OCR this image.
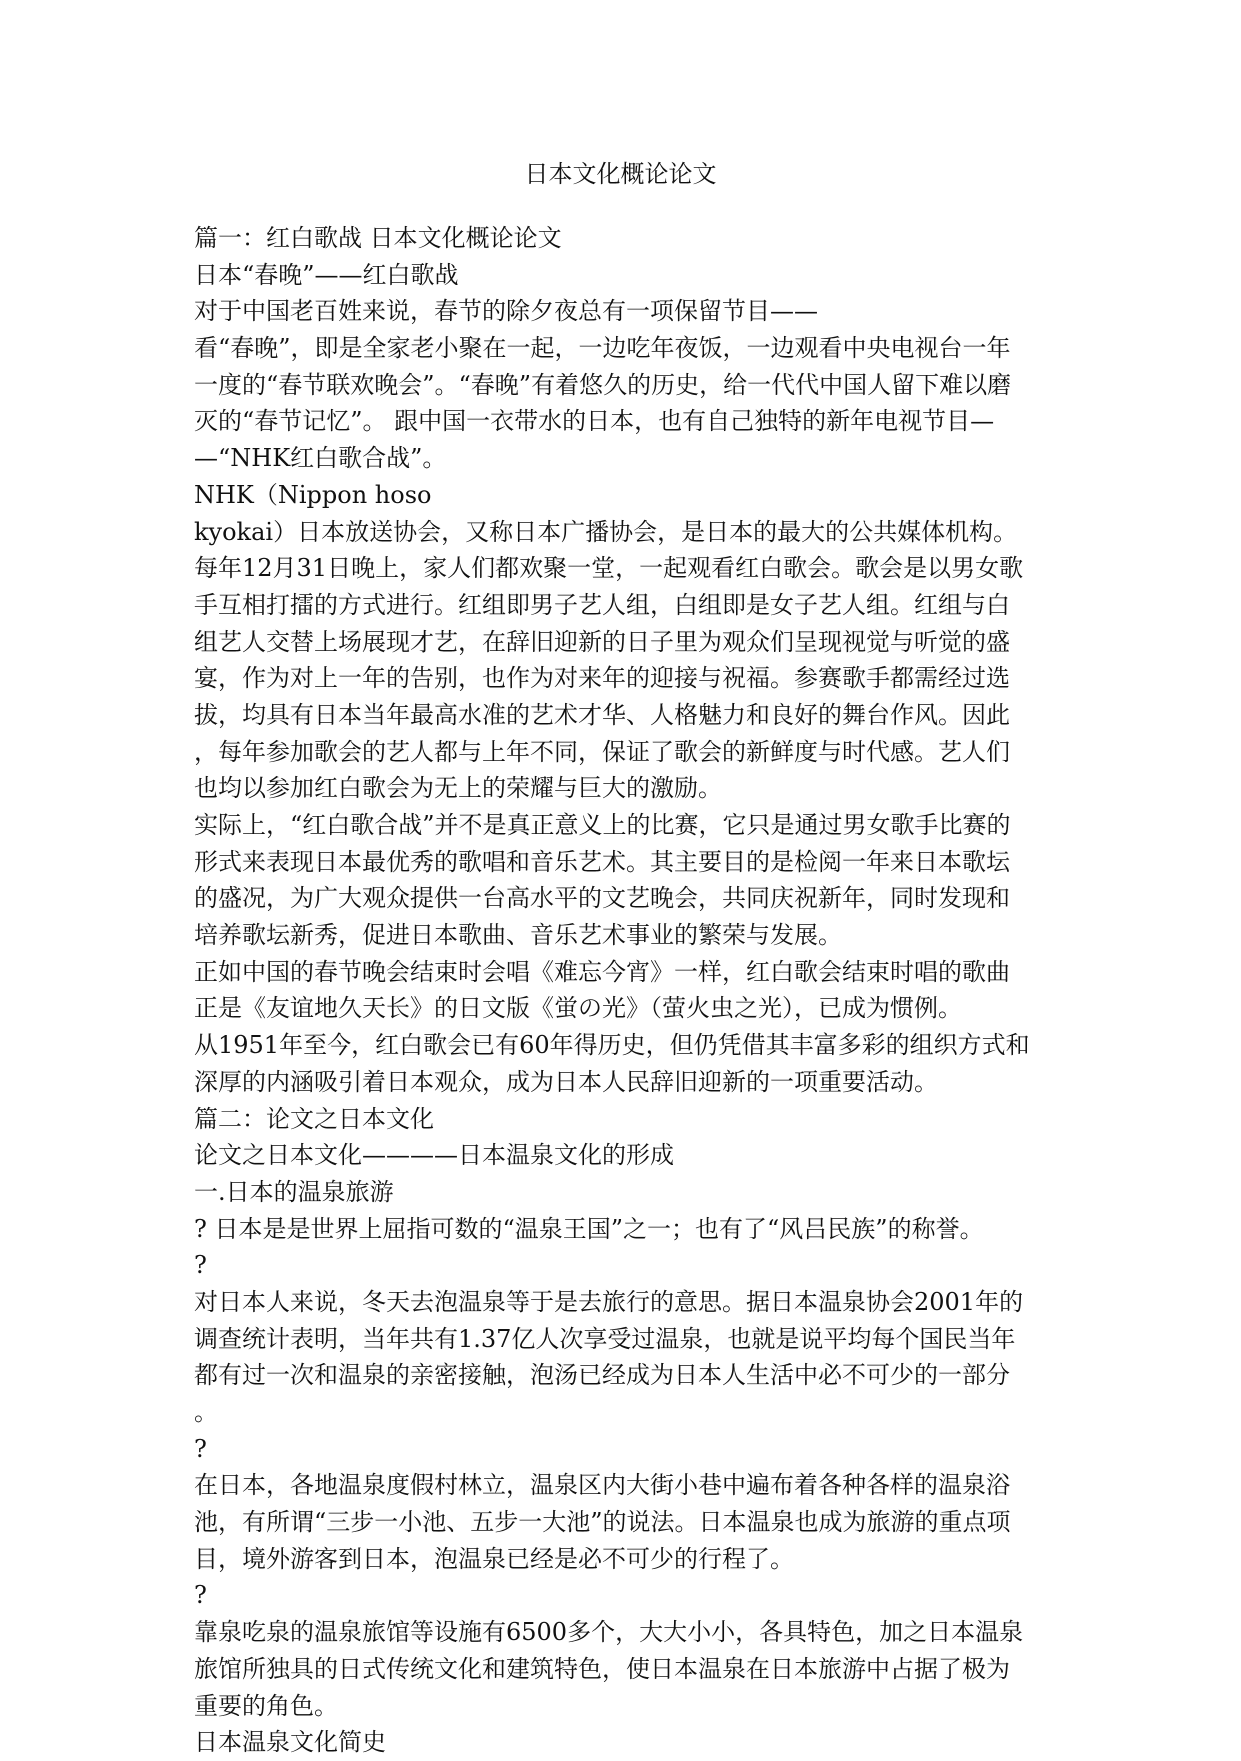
日本文化概论论文
篇一：红白歌战 日本文化概论论文
日本“春晚”——红白歌战
对于中国老百姓来说，春节的除夕夜总有一项保留节目——
看“春晚”，即是全家老小聚在一起，一边吃年夜饭，一边观看中央电视台一年
一度的“春节联欢晚会”。“春晚”有着悠久的历史，给一代代中国人留下难以磨
灭的“春节记忆”。 跟中国一衣带水的日本，也有自己独特的新年电视节目—
—“NHK红白歌合战”。
NHK（Nippon hoso
kyokai）日本放送协会，又称日本广播协会，是日本的最大的公共媒体机构。
每年12月31日晚上，家人们都欢聚一堂，一起观看红白歌会。歌会是以男女歌
手互相打擂的方式进行。红组即男子艺人组，白组即是女子艺人组。红组与白
组艺人交替上场展现才艺，在辞旧迎新的日子里为观众们呈现视觉与听觉的盛
宴，作为对上一年的告别，也作为对来年的迎接与祝福。参赛歌手都需经过选
拔，均具有日本当年最高水准的艺术才华、人格魅力和良好的舞台作风。因此
，每年参加歌会的艺人都与上年不同，保证了歌会的新鲜度与时代感。艺人们
也均以参加红白歌会为无上的荣耀与巨大的激励。
实际上，“红白歌合战”并不是真正意义上的比赛，它只是通过男女歌手比赛的
形式来表现日本最优秀的歌唱和音乐艺术。其主要目的是检阅一年来日本歌坛
的盛况，为广大观众提供一台高水平的文艺晚会，共同庆祝新年，同时发现和
培养歌坛新秀，促进日本歌曲、音乐艺术事业的繁荣与发展。
正如中国的春节晚会结束时会唱《难忘今宵》一样，红白歌会结束时唱的歌曲
正是《友谊地久天长》的日文版《蛍の光》（萤火虫之光），已成为惯例。
从1951年至今，红白歌会已有60年得历史，但仍凭借其丰富多彩的组织方式和
深厚的内涵吸引着日本观众，成为日本人民辞旧迎新的一项重要活动。
篇二：论文之日本文化
论文之日本文化————日本温泉文化的形成
一.日本的温泉旅游
? 日本是是世界上屈指可数的“温泉王国”之一；也有了“风吕民族”的称誉。
?
对日本人来说，冬天去泡温泉等于是去旅行的意思。据日本温泉协会2001年的
调查统计表明，当年共有1.37亿人次享受过温泉，也就是说平均每个国民当年
都有过一次和温泉的亲密接触，泡汤已经成为日本人生活中必不可少的一部分
。
?
在日本，各地温泉度假村林立，温泉区内大街小巷中遍布着各种各样的温泉浴
池，有所谓“三步一小池、五步一大池”的说法。日本温泉也成为旅游的重点项
目，境外游客到日本，泡温泉已经是必不可少的行程了。
?
靠泉吃泉的温泉旅馆等设施有6500多个，大大小小，各具特色，加之日本温泉
旅馆所独具的日式传统文化和建筑特色，使日本温泉在日本旅游中占据了极为
重要的角色。
日本温泉文化简史
